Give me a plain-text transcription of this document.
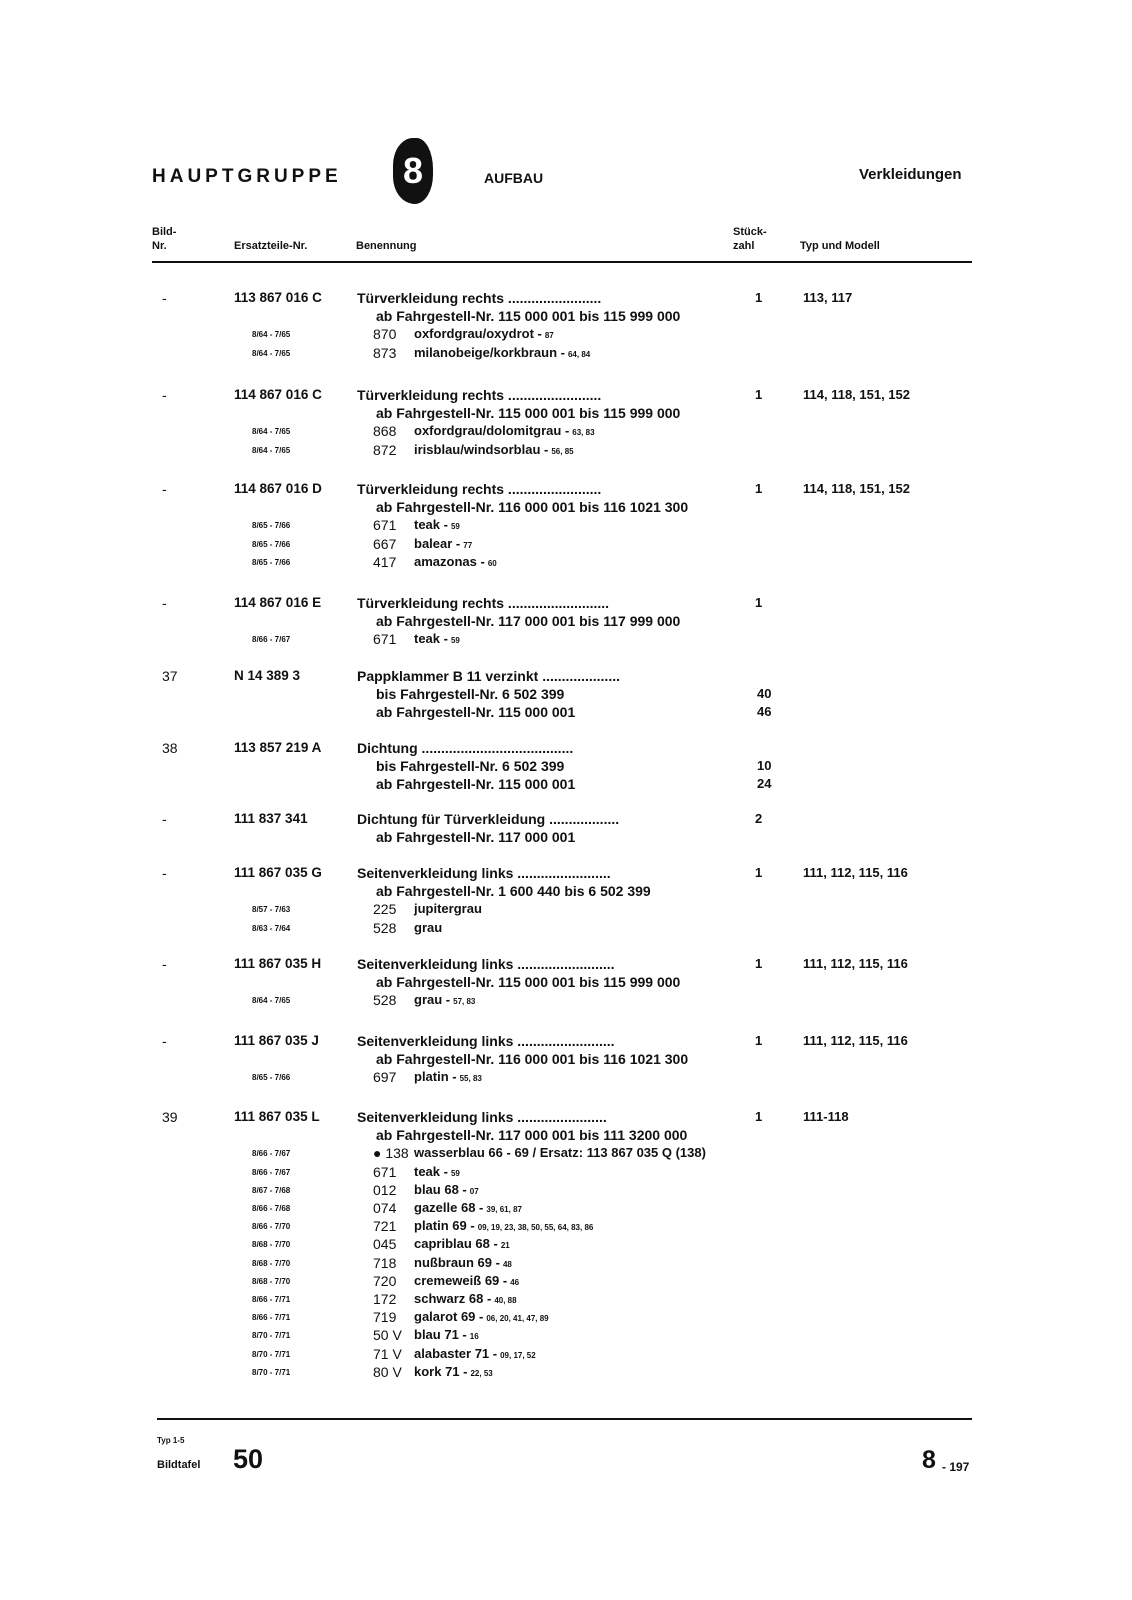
HAUPTGRUPPE 8	AUFBAU	Verkleidungen
Bild-
Nr.	Ersatzteile-Nr.	Benennung
Stück-
zahl	Typ und Modell
-	113 867 016 C	Türverkleidung rechts ........................	1	113, 117
ab Fahrgestell-Nr. 115 000 001 bis 115 999 000
8/64 - 7/65	870 oxfordgrau/oxydrot - 87
8/64 - 7/65	873 milanobeige/korkbraun - 64, 84
-	114 867 016 C	Türverkleidung rechts ........................	1	114, 118, 151, 152
ab Fahrgestell-Nr. 115 000 001 bis 115 999 000
8/64 - 7/65	868 oxfordgrau/dolomitgrau - 63, 83
8/64 - 7/65	872 irisblau/windsorblau - 56, 85
-	114 867 016 D	Türverkleidung rechts ........................	1	114, 118, 151, 152
ab Fahrgestell-Nr. 116 000 001 bis 116 1021 300
8/65 - 7/66	671 teak - 59
8/65 - 7/66	667 balear - 77
8/65 - 7/66	417 amazonas - 60
-	114 867 016 E	Türverkleidung rechts ..........................	1
ab Fahrgestell-Nr. 117 000 001 bis 117 999 000
8/66 - 7/67	671 teak - 59
37	N 14 389 3	Pappklammer B 11 verzinkt ....................
bis Fahrgestell-Nr. 6 502 399	40
ab Fahrgestell-Nr. 115 000 001	46
38	113 857 219 A	Dichtung .......................................
bis Fahrgestell-Nr. 6 502 399	10
ab Fahrgestell-Nr. 115 000 001	24
-	111 837 341	Dichtung für Türverkleidung ..................	2
ab Fahrgestell-Nr. 117 000 001
-	111 867 035 G	Seitenverkleidung links ........................	1	111, 112, 115, 116
ab Fahrgestell-Nr. 1 600 440 bis 6 502 399
8/57 - 7/63	225 jupitergrau
8/63 - 7/64	528 grau
-	111 867 035 H	Seitenverkleidung links .........................	1	111, 112, 115, 116
ab Fahrgestell-Nr. 115 000 001 bis 115 999 000
8/64 - 7/65	528 grau - 57, 83
-	111 867 035 J	Seitenverkleidung links .........................	1	111, 112, 115, 116
ab Fahrgestell-Nr. 116 000 001 bis 116 1021 300
8/65 - 7/66	697 platin - 55, 83
39	111 867 035 L	Seitenverkleidung links .......................	1	111-118
ab Fahrgestell-Nr. 117 000 001 bis 111 3200 000
8/66 - 7/67	● 138 wasserblau 66 - 69 / Ersatz: 113 867 035 Q (138)
8/66 - 7/67	671 teak - 59
8/67 - 7/68	012 blau 68 - 07
8/66 - 7/68	074 gazelle 68 - 39, 61, 87
8/66 - 7/70	721 platin 69 - 09, 19, 23, 38, 50, 55, 64, 83, 86
8/68 - 7/70	045 capriblau 68 - 21
8/68 - 7/70	718 nußbraun 69 - 48
8/68 - 7/70	720 cremeweiß 69 - 46
8/66 - 7/71	172 schwarz 68 - 40, 88
8/66 - 7/71	719 galarot 69 - 06, 20, 41, 47, 89
8/70 - 7/71	50 V blau 71 - 16
8/70 - 7/71	71 V alabaster 71 - 09, 17, 52
8/70 - 7/71	80 V kork 71 - 22, 53
Typ 1-5
Bildtafel 50	8 - 197
